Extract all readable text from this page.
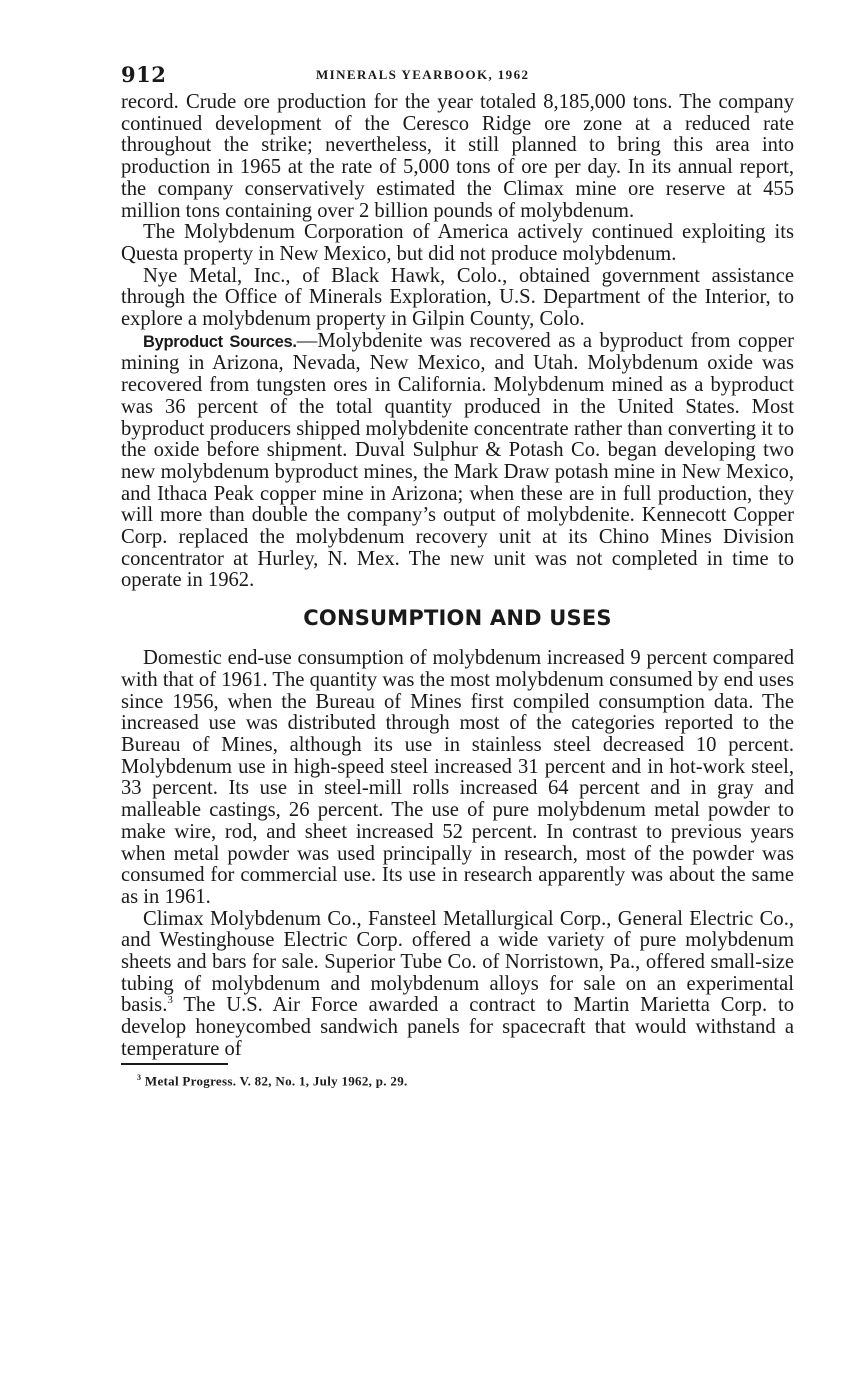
912	MINERALS YEARBOOK, 1962

record. Crude ore production for the year totaled 8,185,000 tons. The company continued development of the Ceresco Ridge ore zone at a reduced rate throughout the strike; nevertheless, it still planned to bring this area into production in 1965 at the rate of 5,000 tons of ore per day. In its annual report, the company conservatively estimated the Climax mine ore reserve at 455 million tons containing over 2 billion pounds of molybdenum.

The Molybdenum Corporation of America actively continued exploiting its Questa property in New Mexico, but did not produce molybdenum.

Nye Metal, Inc., of Black Hawk, Colo., obtained government assistance through the Office of Minerals Exploration, U.S. Department of the Interior, to explore a molybdenum property in Gilpin County, Colo.

Byproduct Sources.—Molybdenite was recovered as a byproduct from copper mining in Arizona, Nevada, New Mexico, and Utah. Molybdenum oxide was recovered from tungsten ores in California. Molybdenum mined as a byproduct was 36 percent of the total quantity produced in the United States. Most byproduct producers shipped molybdenite concentrate rather than converting it to the oxide before shipment. Duval Sulphur & Potash Co. began developing two new molybdenum byproduct mines, the Mark Draw potash mine in New Mexico, and Ithaca Peak copper mine in Arizona; when these are in full production, they will more than double the company’s output of molybdenite. Kennecott Copper Corp. replaced the molybdenum recovery unit at its Chino Mines Division concentrator at Hurley, N. Mex. The new unit was not completed in time to operate in 1962.

CONSUMPTION AND USES

Domestic end-use consumption of molybdenum increased 9 percent compared with that of 1961. The quantity was the most molybdenum consumed by end uses since 1956, when the Bureau of Mines first compiled consumption data. The increased use was distributed through most of the categories reported to the Bureau of Mines, although its use in stainless steel decreased 10 percent. Molybdenum use in high-speed steel increased 31 percent and in hot-work steel, 33 percent. Its use in steel-mill rolls increased 64 percent and in gray and malleable castings, 26 percent. The use of pure molybdenum metal powder to make wire, rod, and sheet increased 52 percent. In contrast to previous years when metal powder was used principally in research, most of the powder was consumed for commercial use. Its use in research apparently was about the same as in 1961.

Climax Molybdenum Co., Fansteel Metallurgical Corp., General Electric Co., and Westinghouse Electric Corp. offered a wide variety of pure molybdenum sheets and bars for sale. Superior Tube Co. of Norristown, Pa., offered small-size tubing of molybdenum and molybdenum alloys for sale on an experimental basis.$^3$ The U.S. Air Force awarded a contract to Martin Marietta Corp. to develop honeycombed sandwich panels for spacecraft that would withstand a temperature of

$^3$ Metal Progress. V. 82, No. 1, July 1962, p. 29.
